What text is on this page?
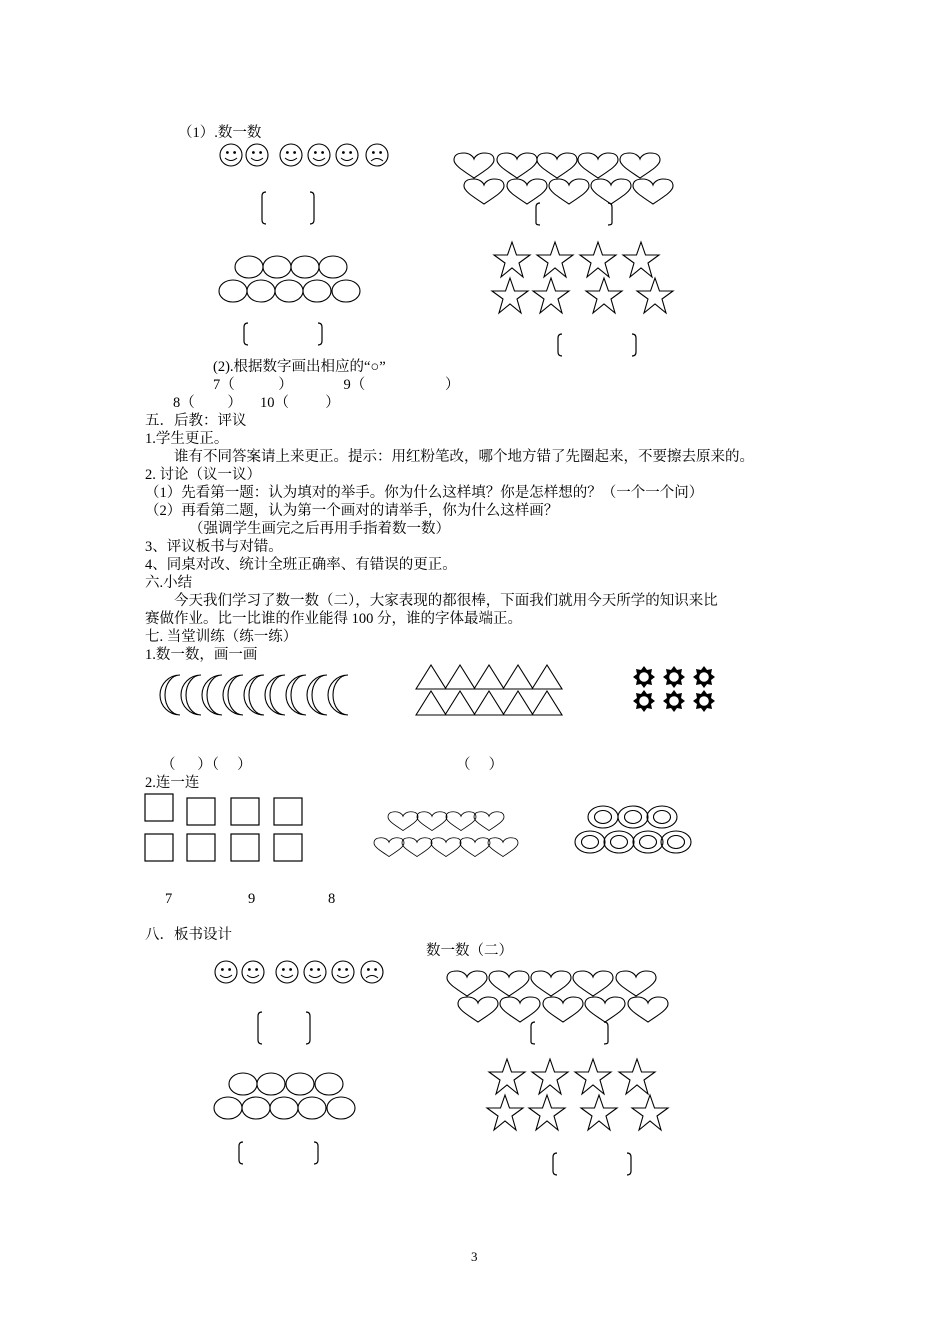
（1）.数一数
(2).根据数字画出相应的“○”
7（            ）              9（                      ）
8（         ）     10（          ）
五．后教：评议
1.学生更正。
谁有不同答案请上来更正。提示：用红粉笔改，哪个地方错了先圈起来，不要擦去原来的。
2. 讨论（议一议）
（1）先看第一题：认为填对的举手。你为什么这样填？你是怎样想的？（一个一个问）
（2）再看第二题，认为第一个画对的请举手，你为什么这样画？
（强调学生画完之后再用手指着数一数）
3、评议板书与对错。
4、同桌对改、统计全班正确率、有错误的更正。
六.小结
今天我们学习了数一数（二），大家表现的都很棒，下面我们就用今天所学的知识来比
赛做作业。比一比谁的作业能得 100 分，谁的字体最端正。
七. 当堂训练（练一练）
1.数一数，画一画
（      ）（     ）	（     ）
2.连一连
7	9	8
八．板书设计
数一数（二）
3
